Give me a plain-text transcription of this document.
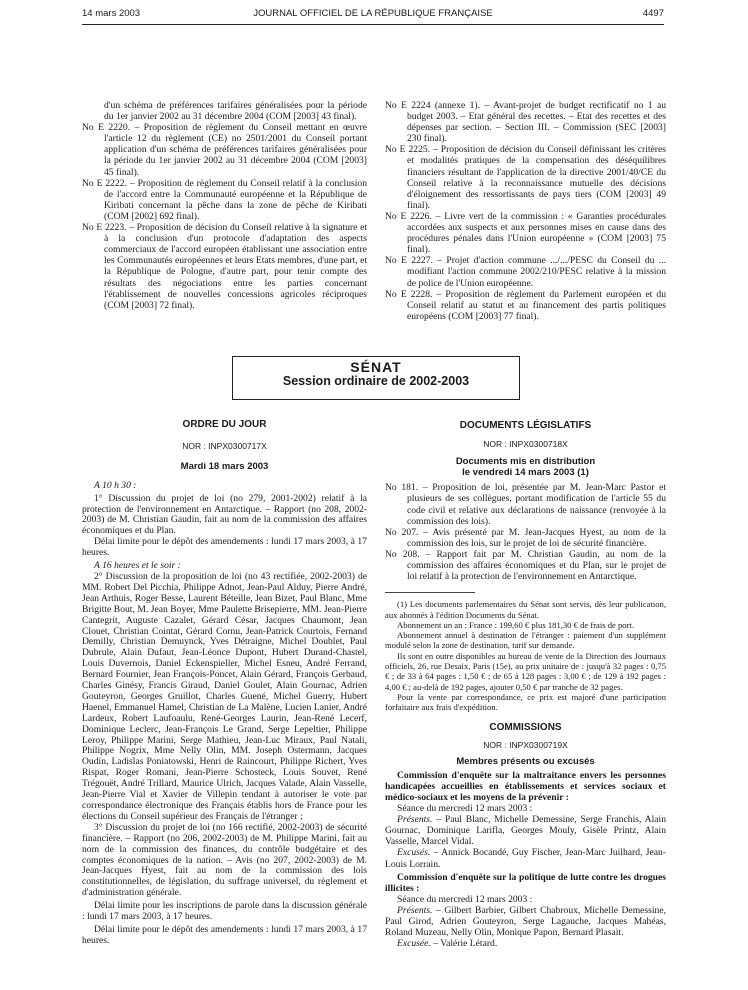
14 mars 2003	JOURNAL OFFICIEL DE LA RÉPUBLIQUE FRANÇAISE	4497

d'un schéma de préférences tarifaires généralisées pour la période du 1er janvier 2002 au 31 décembre 2004 (COM [2003] 43 final).

No E 2220. – Proposition de règlement du Conseil mettant en œuvre l'article 12 du règlement (CE) no 2501/2001 du Conseil portant application d'un schéma de préférences tarifaires généralisées pour la période du 1er janvier 2002 au 31 décembre 2004 (COM [2003] 45 final).

No E 2222. – Proposition de règlement du Conseil relatif à la conclusion de l'accord entre la Communauté européenne et la République de Kiribati concernant la pêche dans la zone de pêche de Kiribati (COM [2002] 692 final).

No E 2223. – Proposition de décision du Conseil relative à la signature et à la conclusion d'un protocole d'adaptation des aspects commerciaux de l'accord européen établissant une association entre les Communautés européennes et leurs Etats membres, d'une part, et la République de Pologne, d'autre part, pour tenir compte des résultats des négociations entre les parties concernant l'établissement de nouvelles concessions agricoles réciproques (COM [2003] 72 final).

No E 2224 (annexe 1). – Avant-projet de budget rectificatif no 1 au budget 2003. – Etat général des recettes. – Etat des recettes et des dépenses par section. – Section III. – Commission (SEC [2003] 230 final).

No E 2225. – Proposition de décision du Conseil définissant les critères et modalités pratiques de la compensation des déséquilibres financiers résultant de l'application de la directive 2001/40/CE du Conseil relative à la reconnaissance mutuelle des décisions d'éloignement des ressortissants de pays tiers (COM [2003] 49 final).

No E 2226. – Livre vert de la commission : « Garanties procédurales accordées aux suspects et aux personnes mises en cause dans des procédures pénales dans l'Union européenne » (COM [2003] 75 final).

No E 2227. – Projet d'action commune .../.../PESC du Conseil du ... modifiant l'action commune 2002/210/PESC relative à la mission de police de l'Union européenne.

No E 2228. – Proposition de règlement du Parlement européen et du Conseil relatif au statut et au financement des partis politiques européens (COM [2003] 77 final).

SÉNAT
Session ordinaire de 2002-2003
ORDRE DU JOUR
NOR : INPX0300717X
Mardi 18 mars 2003

A 10 h 30 :

1° Discussion du projet de loi (no 279, 2001-2002) relatif à la protection de l'environnement en Antarctique. – Rapport (no 208, 2002-2003) de M. Christian Gaudin, fait au nom de la commission des affaires économiques et du Plan.

Délai limite pour le dépôt des amendements : lundi 17 mars 2003, à 17 heures.

A 16 heures et le soir :

2° Discussion de la proposition de loi (no 43 rectifiée, 2002-2003) de MM. Robert Del Picchia, Philippe Adnot, Jean-Paul Alduy, Pierre André, Jean Arthuis, Roger Besse, Laurent Béteille, Jean Bizet, Paul Blanc, Mme Brigitte Bout, M. Jean Boyer, Mme Paulette Brisepierre, MM. Jean-Pierre Cantegrit, Auguste Cazalet, Gérard César, Jacques Chaumont, Jean Clouet, Christian Cointat, Gérard Cornu, Jean-Patrick Courtois, Fernand Demilly, Christian Demuynck, Yves Détraigne, Michel Doublet, Paul Dubrule, Alain Dufaut, Jean-Léonce Dupont, Hubert Durand-Chastel, Louis Duvernois, Daniel Eckenspieller, Michel Esneu, André Ferrand, Bernard Fournier, Jean François-Poncet, Alain Gérard, François Gerbaud, Charles Ginésy, Francis Giraud, Daniel Goulet, Alain Gournac, Adrien Gouteyron, Georges Gruillot, Charles Guené, Michel Guerry, Hubert Haenel, Emmanuel Hamel, Christian de La Malène, Lucien Lanier, André Lardeux, Robert Laufoaulu, René-Georges Laurin, Jean-René Lecerf, Dominique Leclerc, Jean-François Le Grand, Serge Lepeltier, Philippe Leroy, Philippe Marini, Serge Mathieu, Jean-Luc Miraux, Paul Natali, Philippe Nogrix, Mme Nelly Olin, MM. Joseph Ostermann, Jacques Oudin, Ladislas Poniatowski, Henri de Raincourt, Philippe Richert, Yves Rispat, Roger Romani, Jean-Pierre Schosteck, Louis Souvet, René Trégouët, André Trillard, Maurice Ulrich, Jacques Valade, Alain Vasselle, Jean-Pierre Vial et Xavier de Villepin tendant à autoriser le vote par correspondance électronique des Français établis hors de France pour les élections du Conseil supérieur des Français de l'étranger ;

3° Discussion du projet de loi (no 166 rectifié, 2002-2003) de sécurité financière. – Rapport (no 206, 2002-2003) de M. Philippe Marini, fait au nom de la commission des finances, du contrôle budgétaire et des comptes économiques de la nation. – Avis (no 207, 2002-2003) de M. Jean-Jacques Hyest, fait au nom de la commission des lois constitutionnelles, de législation, du suffrage universel, du règlement et d'administration générale.

Délai limite pour les inscriptions de parole dans la discussion générale : lundi 17 mars 2003, à 17 heures.

Délai limite pour le dépôt des amendements : lundi 17 mars 2003, à 17 heures.

DOCUMENTS LÉGISLATIFS
NOR : INPX0300718X
Documents mis en distribution
le vendredi 14 mars 2003 (1)

No 181. – Proposition de loi, présentée par M. Jean-Marc Pastor et plusieurs de ses collègues, portant modification de l'article 55 du code civil et relative aux déclarations de naissance (renvoyée à la commission des lois).

No 207. – Avis présenté par M. Jean-Jacques Hyest, au nom de la commission des lois, sur le projet de loi de sécurité financière.

No 208. – Rapport fait par M. Christian Gaudin, au nom de la commission des affaires économiques et du Plan, sur le projet de loi relatif à la protection de l'environnement en Antarctique.

(1) Les documents parlementaires du Sénat sont servis, dès leur publication, aux abonnés à l'édition Documents du Sénat.

Abonnement un an : France : 199,60 € plus 181,30 € de frais de port.

Abonnement annuel à destination de l'étranger : paiement d'un supplément modulé selon la zone de destination, tarif sur demande.

Ils sont en outre disponibles au bureau de vente de la Direction des Journaux officiels, 26, rue Desaix, Paris (15e), au prix unitaire de : jusqu'à 32 pages : 0,75 € ; de 33 à 64 pages : 1,50 € ; de 65 à 128 pages : 3,00 € ; de 129 à 192 pages : 4,00 € ; au-delà de 192 pages, ajouter 0,50 € par tranche de 32 pages.

Pour la vente par correspondance, ce prix est majoré d'une participation forfaitaire aux frais d'expédition.

COMMISSIONS
NOR : INPX0300719X
Membres présents ou excusés

Commission d'enquête sur la maltraitance envers les personnes handicapées accueillies en établissements et services sociaux et médico-sociaux et les moyens de la prévenir :

Séance du mercredi 12 mars 2003 :

Présents. – Paul Blanc, Michelle Demessine, Serge Franchis, Alain Gournac, Dominique Larifla, Georges Mouly, Gisèle Printz, Alain Vasselle, Marcel Vidal.

Excusés. – Annick Bocandé, Guy Fischer, Jean-Marc Juilhard, Jean-Louis Lorrain.

Commission d'enquête sur la politique de lutte contre les drogues illicites :

Séance du mercredi 12 mars 2003 :

Présents. – Gilbert Barbier, Gilbert Chabroux, Michelle Demessine, Paul Girod, Adrien Gouteyron, Serge Lagauche, Jacques Mahéas, Roland Muzeau, Nelly Olin, Monique Papon, Bernard Plasait.

Excusée. – Valérie Létard.
